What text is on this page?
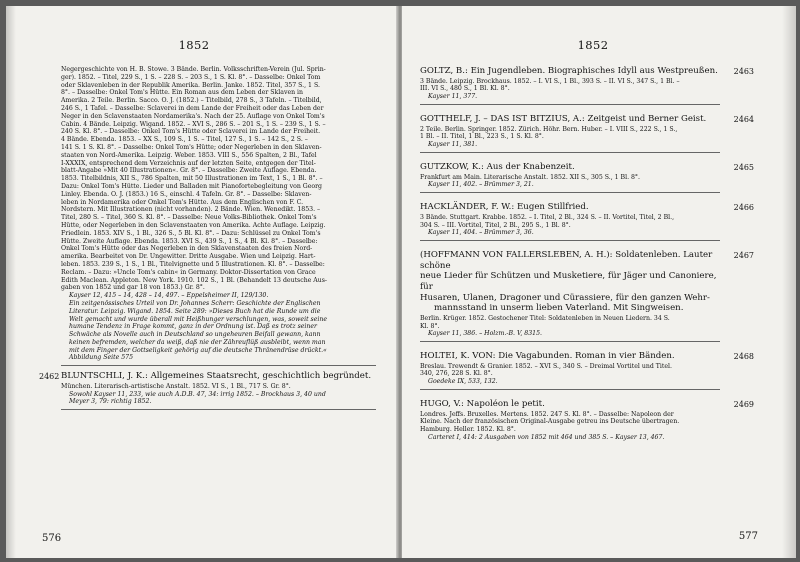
1852

Negergeschichte von H. B. Stowe. 3 Bände. Berlin. Volksschriften-Verein (Jul. Sprin-

ger). 1852. – Titel, 229 S., 1 S. – 228 S. – 203 S., 1 S. Kl. 8°. – Dasselbe: Onkel Tom

oder Sklavenleben in der Republik Amerika. Berlin. Janke. 1852. Titel, 357 S., 1 S.

8°. – Dasselbe: Onkel Tom's Hütte. Ein Roman aus dem Leben der Sklaven in

Amerika. 2 Teile. Berlin. Sacco. O. J. (1852.) – Titelbild, 278 S., 3 Tafeln. – Titelbild,

246 S., 1 Tafel. – Dasselbe: Sclaverei in dem Lande der Freiheit oder das Leben der

Neger in den Sclavenstaaten Nordamerika's. Nach der 25. Auflage von Onkel Tom's

Cabin. 4 Bände. Leipzig. Wigand. 1852. – XVI S., 286 S. – 201 S., 1 S. – 239 S., 1 S. –

240 S. Kl. 8°. – Dasselbe: Onkel Tom's Hütte oder Sclaverei im Lande der Freiheit.

4 Bände. Ebenda. 1853. – XX S., 109 S., 1 S. – Titel, 127 S., 1 S. – 142 S., 2 S. –

141 S. 1 S. Kl. 8°. – Dasselbe: Onkel Tom's Hütte; oder Negerleben in den Sklaven-

staaten von Nord-Amerika. Leipzig. Weber. 1853. VIII S., 556 Spalten, 2 Bl., Tafel

I-XXXIX, entsprechend dem Verzeichnis auf der letzten Seite, entgegen der Titel-

blatt-Angabe »Mit 40 Illustrationen«. Gr. 8°. – Dasselbe: Zweite Auflage. Ebenda.

1853. Titelbildnis, XII S., 786 Spalten, mit 50 Illustrationen im Text, 1 S., 1 Bl. 8°. –

Dazu: Onkel Tom's Hütte. Lieder und Balladen mit Pianofortebegleitung von Georg

Linley. Ebenda. O. J. (1853.) 16 S., einschl. 4 Tafeln. Gr. 8°. – Dasselbe: Sklaven-

leben in Nordamerika oder Onkel Tom's Hütte. Aus dem Englischen von F. C.

Nordstern. Mit Illustrationen (nicht vorhanden). 2 Bände. Wien. Wenedikt. 1853. –

Titel, 280 S. – Titel, 360 S. Kl. 8°. – Dasselbe: Neue Volks-Bibliothek. Onkel Tom's

Hütte, oder Negerleben in den Sclavenstaaten von Amerika. Achte Auflage. Leipzig.

Friedlein. 1853. XIV S., 1 Bl., 326 S., 5 Bl. Kl. 8°. – Dazu: Schlüssel zu Onkel Tom's

Hütte. Zweite Auflage. Ebenda. 1853. XVI S., 439 S., 1 S., 4 Bl. Kl. 8°. – Dasselbe:

Onkel Tom's Hütte oder das Negerleben in den Sklavenstaaten des freien Nord-

amerika. Bearbeitet von Dr. Ungewitter. Dritte Ausgabe. Wien und Leipzig. Hart-

leben. 1853. 239 S., 1 S., 1 Bl., Titelvignette und 5 Illustrationen. Kl. 8°. – Dasselbe:

Reclam. – Dazu: »Uncle Tom's cabin« in Germany. Doktor-Dissertation von Grace

Edith Maclean. Appleton. New York. 1910. 102 S., 1 Bl. (Behandelt 13 deutsche Aus-

gaben von 1852 und gar 18 von 1853.) Gr. 8°.

Kayser 12, 415 – 14, 428 – 14, 497. – Eppelsheimer II, 129/130.

Ein zeitgenössisches Urteil von Dr. Johannes Scherr: Geschichte der Englischen

Literatur. Leipzig. Wigand. 1854. Seite 289: »Dieses Buch hat die Runde um die

Welt gemacht und wurde überall mit Heißhunger verschlungen, was, soweit seine

humane Tendenz in Frage kommt, ganz in der Ordnung ist. Daß es trotz seiner

Schwäche als Novelle auch in Deutschland so ungeheuren Beifall gewann, kann

keinen befremden, welcher da weiß, daß nie der Zähreuflüß ausbleibt, wenn man

mit dem Finger der Gottseligkeit gehörig auf die deutsche Thränendrüse drückt.«

Abbildung Seite 575

2462 BLUNTSCHLI, J. K.: Allgemeines Staatsrecht, geschichtlich begründet.

München. Literarisch-artistische Anstalt. 1852. VI S., 1 Bl., 717 S. Gr. 8°.

Sowohl Kayser 11, 233, wie auch A.D.B. 47, 34: irrig 1852. – Brockhaus 3, 40 und

Meyer 3, 79: richtig 1852.

576
1852
2463

GOLTZ, B.: Ein Jugendleben. Biographisches Idyll aus Westpreußen.

3 Bände. Leipzig. Brockhaus. 1852. – I. VI S., 1 Bl., 393 S. – II. VI S., 347 S., 1 Bl. –

III. VI S., 480 S., 1 Bl. Kl. 8°.

Kayser 11, 377.

2464

GOTTHELF, J. – DAS IST BITZIUS, A.: Zeitgeist und Berner Geist.

2 Teile. Berlin. Springer. 1852. Zürich. Höhr. Bern. Huber. – I. VIII S., 222 S., 1 S.,

1 Bl. – II. Titel, 1 Bl., 223 S., 1 S. Kl. 8°.

Kayser 11, 381.

2465

GUTZKOW, K.: Aus der Knabenzeit.

Frankfurt am Main. Literarische Anstalt. 1852. XII S., 305 S., 1 Bl. 8°.

Kayser 11, 402. – Brümmer 3, 21.

2466

HACKLÄNDER, F. W.: Eugen Stillfried.

3 Bände. Stuttgart. Krabbe. 1852. – I. Titel, 2 Bl., 324 S. – II. Vortitel, Titel, 2 Bl.,

304 S. – III. Vortitel, Titel, 2 Bl., 295 S., 1 Bl. 8°.

Kayser 11, 404. – Brümmer 3, 36.

2467

(HOFFMANN VON FALLERSLEBEN, A. H.): Soldatenleben. Lauter schöne

neue Lieder für Schützen und Musketiere, für Jäger und Canoniere, für

Husaren, Ulanen, Dragoner und Cürassiere, für den ganzen Wehr-

mannsstand in unserm lieben Vaterland. Mit Singweisen.

Berlin. Krüger. 1852. Gestochener Titel: Soldatenleben in Neuen Liedern. 34 S.

Kl. 8°.

Kayser 11, 386. – Holzm.-B. V, 8315.

2468

HOLTEI, K. VON: Die Vagabunden. Roman in vier Bänden.

Breslau. Trewendt & Granier. 1852. – XVI S., 340 S. – Dreimal Vortitel und Titel.

340, 276, 228 S. Kl. 8°.

Goedeke IX, 533, 132.

2469

HUGO, V.: Napoléon le petit.

Londres. Jeffs. Bruxelles. Mertens. 1852. 247 S. Kl. 8°. – Dasselbe: Napoleon der

Kleine. Nach der französischen Original-Ausgabe getreu ins Deutsche übertragen.

Hamburg. Heller. 1852. Kl. 8°.

Carteret I, 414: 2 Ausgaben von 1852 mit 464 und 385 S. – Kayser 13, 467.

577
